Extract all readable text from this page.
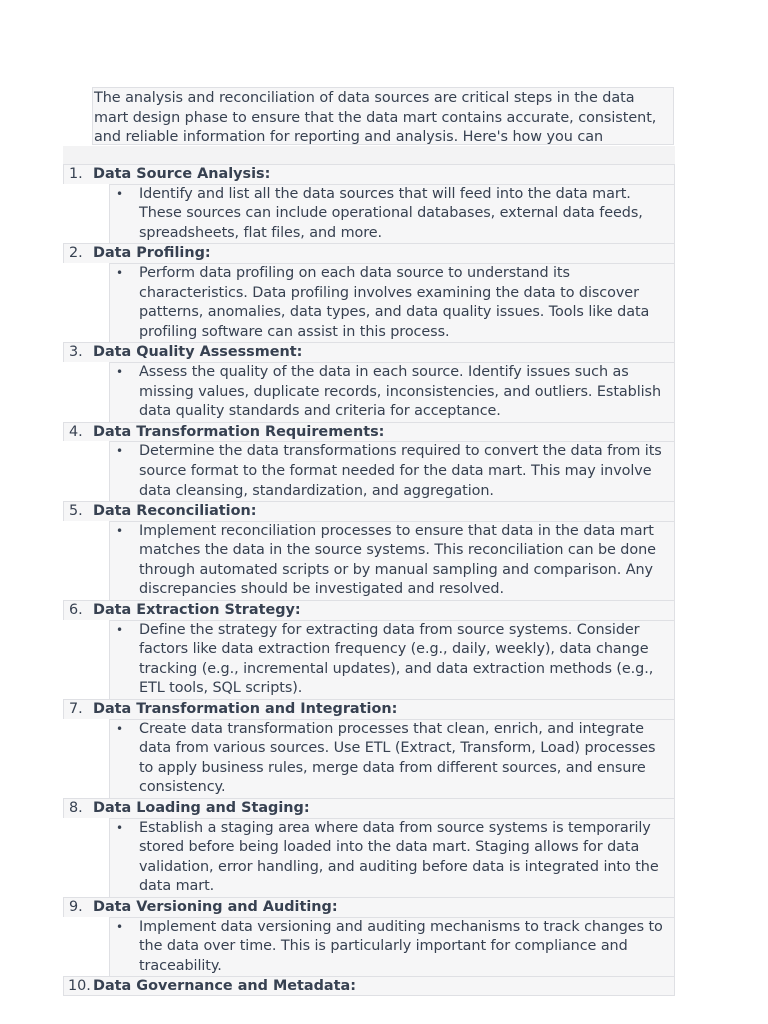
The analysis and reconciliation of data sources are critical steps in the data mart design phase to ensure that the data mart contains accurate, consistent, and reliable information for reporting and analysis. Here's how you can
1. Data Source Analysis:
•	Identify and list all the data sources that will feed into the data mart. These sources can include operational databases, external data feeds, spreadsheets, flat files, and more.
2. Data Profiling:
•	Perform data profiling on each data source to understand its characteristics. Data profiling involves examining the data to discover patterns, anomalies, data types, and data quality issues. Tools like data profiling software can assist in this process.
3. Data Quality Assessment:
•	Assess the quality of the data in each source. Identify issues such as missing values, duplicate records, inconsistencies, and outliers. Establish data quality standards and criteria for acceptance.
4. Data Transformation Requirements:
•	Determine the data transformations required to convert the data from its source format to the format needed for the data mart. This may involve data cleansing, standardization, and aggregation.
5. Data Reconciliation:
•	Implement reconciliation processes to ensure that data in the data mart matches the data in the source systems. This reconciliation can be done through automated scripts or by manual sampling and comparison. Any discrepancies should be investigated and resolved.
6. Data Extraction Strategy:
•	Define the strategy for extracting data from source systems. Consider factors like data extraction frequency (e.g., daily, weekly), data change tracking (e.g., incremental updates), and data extraction methods (e.g., ETL tools, SQL scripts).
7. Data Transformation and Integration:
•	Create data transformation processes that clean, enrich, and integrate data from various sources. Use ETL (Extract, Transform, Load) processes to apply business rules, merge data from different sources, and ensure consistency.
8. Data Loading and Staging:
•	Establish a staging area where data from source systems is temporarily stored before being loaded into the data mart. Staging allows for data validation, error handling, and auditing before data is integrated into the data mart.
9. Data Versioning and Auditing:
•	Implement data versioning and auditing mechanisms to track changes to the data over time. This is particularly important for compliance and traceability.
10. Data Governance and Metadata:
